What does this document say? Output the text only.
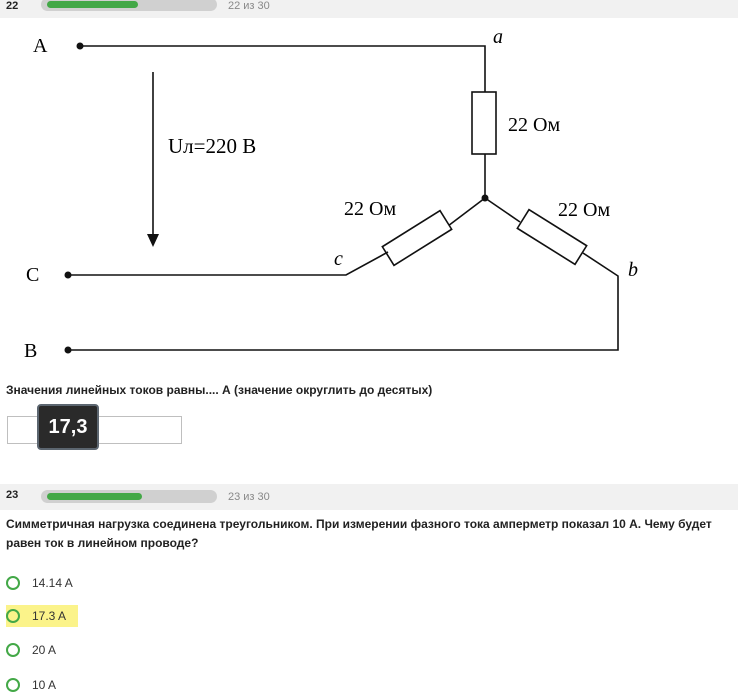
22	22 из 30
A
C
B
a
b
c
Uл=220 В
22 Ом
22 Ом	22 Ом
Значения линейных токов равны.... А (значение округлить до десятых)
17,3
23	23 из 30
Симметричная нагрузка соединена треугольником. При измерении фазного тока амперметр показал 10 А. Чему будет
равен ток в линейном проводе?
14.14 A
17.3 A
20 A
10 A
